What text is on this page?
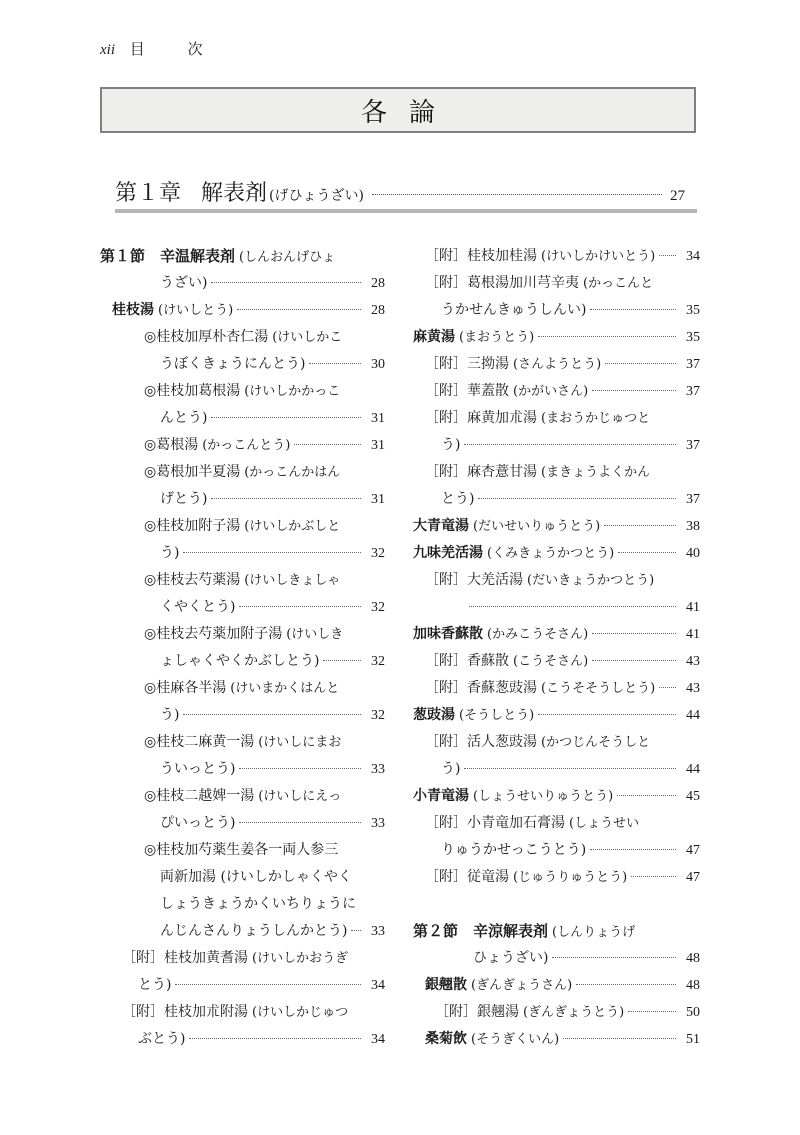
xii 目	次
各論
第１章 解表剤 (げひょうざい)	27
第１節　辛温解表剤 (しんおんげひょ
うざい)	28
桂枝湯 (けいしとう)	28
◎桂枝加厚朴杏仁湯 (けいしかこ
うぼくきょうにんとう)	30
◎桂枝加葛根湯 (けいしかかっこ
んとう)	31
◎葛根湯 (かっこんとう)	31
◎葛根加半夏湯 (かっこんかはん
げとう)	31
◎桂枝加附子湯 (けいしかぶしと
う)	32
◎桂枝去芍薬湯 (けいしきょしゃ
くやくとう)	32
◎桂枝去芍薬加附子湯 (けいしき
ょしゃくやくかぶしとう)	32
◎桂麻各半湯 (けいまかくはんと
う)	32
◎桂枝二麻黄一湯 (けいしにまお
ういっとう)	33
◎桂枝二越婢一湯 (けいしにえっ
ぴいっとう)	33
◎桂枝加芍薬生姜各一両人参三
両新加湯 (けいしかしゃくやく
しょうきょうかくいちりょうに
んじんさんりょうしんかとう) 33
［附］桂枝加黄耆湯 (けいしかおうぎ
とう)	34
［附］桂枝加朮附湯 (けいしかじゅつ
ぶとう)	34
［附］桂枝加桂湯 (けいしかけいとう) 34
［附］葛根湯加川芎辛夷 (かっこんと
うかせんきゅうしんい)	35
麻黄湯 (まおうとう)	35
［附］三拗湯 (さんようとう)	37
［附］華蓋散 (かがいさん)	37
［附］麻黄加朮湯 (まおうかじゅつと
う)	37
［附］麻杏薏甘湯 (まきょうよくかん
とう)	37
大青竜湯 (だいせいりゅうとう)	38
九味羌活湯 (くみきょうかつとう)	40
［附］大羌活湯 (だいきょうかつとう)
41
加味香蘇散 (かみこうそさん)	41
［附］香蘇散 (こうそさん)	43
［附］香蘇葱豉湯 (こうそそうしとう) 43
葱豉湯 (そうしとう)	44
［附］活人葱豉湯 (かつじんそうしと
う)	44
小青竜湯 (しょうせいりゅうとう)	45
［附］小青竜加石膏湯 (しょうせい
りゅうかせっこうとう)	47
［附］従竜湯 (じゅうりゅうとう)	47
第２節　辛涼解表剤 (しんりょうげ
ひょうざい)	48
銀翹散 (ぎんぎょうさん)	48
［附］銀翹湯 (ぎんぎょうとう)	50
桑菊飲 (そうぎくいん)	51
